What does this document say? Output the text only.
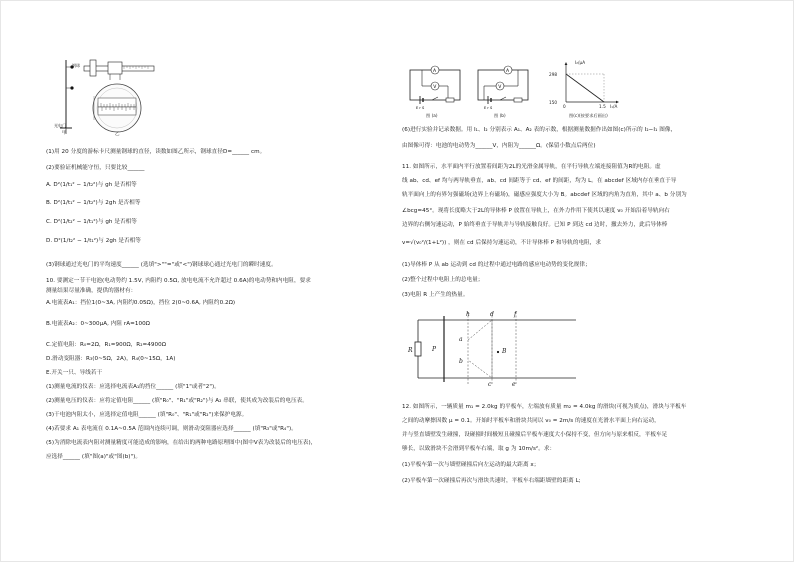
钢球
光电门
甲	乙
(1)用 20 分度的游标卡尺测量钢球的直径，读数如图乙所示，钢球直径D=______ cm。
(2)要验证机械能守恒，只要比较______
A. D²(1/t₁² − 1/t₂²)与 gh 是否相等
B. D²(1/t₁² − 1/t₂²)与 2gh 是否相等
C. D²(1/t₂² − 1/t₁²)与 gh 是否相等
D. D²(1/t₂² − 1/t₁²)与 2gh 是否相等
(3)钢球通过光电门的平均速度______ (选填">""="或"<")钢球球心通过光电门的瞬时速度。
10. 要测定一节干电池(电动势约 1.5V, 内阻约 0.5Ω, 放电电流不允许超过 0.6A)的电动势和内电阻，要求
测量结果尽量准确，提供的器材有：
A.电流表A₁：挡位1(0~3A, 内阻约0.05Ω)，挡位 2(0~0.6A, 内阻约0.2Ω)
B.电流表A₂：0~300μA, 内阻 rA=100Ω
C.定值电阻：R₀=2Ω，R₁=900Ω，R₂=4900Ω
D.滑动变阻器：R₃(0~5Ω，2A)，R₄(0~15Ω，1A)
E.开关一只、导线若干
(1)测量电流的仪表：应选择电流表A₁的挡位______ (填"1"或者"2")。
(2)测量电压的仪表：应将定值电阻______ (填"R₀"、"R₁"或"R₂")与 A₂ 串联，使其成为改装后的电压表。
(3)干电池内阻太小，应选择定值电阻______ (填"R₀"、"R₁"或"R₂")来保护电源。
(4)若要求 A₁ 表电流在 0.1A~0.5A 范围内连续可调，则滑动变阻器应选择______ (填"R₃"或"R₄")。
(5)为消除电流表内阻对测量精度可能造成的影响，在给出的两种电路原理图中(图中V表为改装后的电压表)，
应选择______ (填"图(a)"或"图(b)")。
A
V
E r S
图 (a)
A
V
E r S
图 (b)
I₂/μA
298
150
0	1.5 I₁/A
图(c)(按要求后画出)
(6)进行实验并记录数据。用 I₁、I₂ 分别表示 A₁、A₂ 表的示数，根据测量数据作出如图(c)所示的 I₂−I₁ 图像，
由图像可得：电池的电动势为______V，内阻为______Ω。(保留小数点后两位)
11. 如图所示，水平面内平行放置着间距为2L的光滑金属导轨，在平行导轨左端连接阻值为R的电阻。虚
线 ab、cd、ef 均与两导轨垂直，ab、cd 间距等于 cd、ef 的间距，均为 L。在 abcdef 区域内存在垂直于导
轨平面向上的有界匀强磁场(边界上有磁场)，磁感应强度大小为 B。abcdef 区域的内角为直角，其中 a、b 分别为
∠bcg=45°。现将长度略大于2L的导体棒 P 放置在导轨上，在外力作用下使其以速度 v₀ 开始沿着导轨向右
边界的右侧匀速运动，P 始终垂直于导轨并与导轨接触良好。已知 P 到达 cd 边时，撤去外力，此后导体棒
v=√(v₀²/(1+L²)) ，则在 cd 后保持匀速运动，不计导体棒 P 和导轨的电阻，求
(1)导体棒 P 从 ab 运动到 cd 的过程中通过电路的感应电动势的变化规律；
(2)整个过程中电阻上的总电量；
(3)电阻 R 上产生的热量。
R	P
h	d	f
a
b
c	e
B
12. 如图所示，一辆质量 m₁ = 2.0kg 的平板车，左端放有质量 m₂ = 4.0kg 的滑块(可视为质点)，滑块与平板车
之间的动摩擦因数 μ = 0.1。开始时平板车和滑块共同以 v₀ = 2m/s 的速度在光滑水平面上向右运动，
并与竖直墙壁发生碰撞，设碰撞时间极短且碰撞后平板车速度大小保持不变，但方向与原来相反，平板车足
够长，以致滑块不会滑到平板车右端，取 g 为 10m/s²。求：
(1)平板车第一次与墙壁碰撞后向左运动的最大距离 x；
(2)平板车第一次碰撞后再次与滑块共速时，平板车右端距墙壁的距离 L;
